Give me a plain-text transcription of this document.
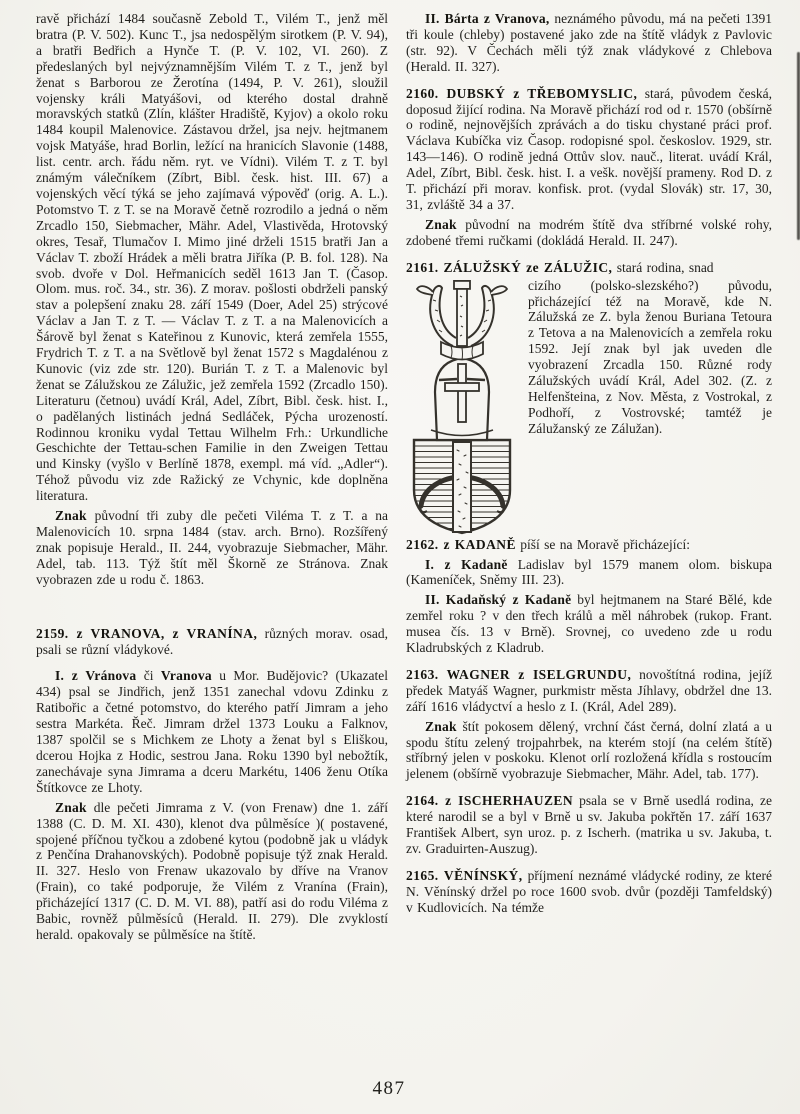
ravě přichází 1484 současně Zebold T., Vilém T., jenž měl bratra (P. V. 502). Kunc T., jsa nedospělým sirotkem (P. V. 94), a bratři Bedřich a Hynče T. (P. V. 102, VI. 260). Z předeslaných byl nejvýznamnějším Vilém T. z T., jenž byl ženat s Barborou ze Žerotína (1494, P. V. 261), sloužil vojensky králi Matyášovi, od kterého dostal drahně moravských statků (Zlín, klášter Hradiště, Kyjov) a okolo roku 1484 koupil Malenovice. Zástavou držel, jsa nejv. hejtmanem vojsk Matyáše, hrad Borlin, ležící na hranicích Slavonie (1488, list. centr. arch. řádu něm. ryt. ve Vídni). Vilém T. z T. byl známým válečníkem (Zíbrt, Bibl. česk. hist. III. 67) a vojenských věcí týká se jeho zajímavá výpověď (orig. A. L.). Potomstvo T. z T. se na Moravě četně rozrodilo a jedná o něm Zrcadlo 150, Siebmacher, Mähr. Adel, Vlastivěda, Hrotovský okres, Tesař, Tlumačov I. Mimo jiné drželi 1515 bratři Jan a Václav T. zboží Hrádek a měli bratra Jiříka (P. B. fol. 128). Na svob. dvoře v Dol. Heřmanicích seděl 1613 Jan T. (Časop. Olom. mus. roč. 34., str. 36). Z morav. pošlosti obdrželi panský stav a polepšení znaku 28. září 1549 (Doer, Adel 25) strýcové Václav a Jan T. z T. — Václav T. z T. a na Malenovicích a Šárově byl ženat s Kateřinou z Kunovic, která zemřela 1555, Frydrich T. z T. a na Světlově byl ženat 1572 s Magdalénou z Kunovic (viz zde str. 120). Burián T. z T. a Malenovic byl ženat se Zálužskou ze Zálužic, jež zemřela 1592 (Zrcadlo 150). Literaturu (četnou) uvádí Král, Adel, Zíbrt, Bibl. česk. hist. I., o padělaných listinách jedná Sedláček, Pýcha urozeností. Rodinnou kroniku vydal Tettau Wilhelm Frh.: Urkundliche Geschichte der Tettau-schen Familie in den Zweigen Tettau und Kinsky (vyšlo v Berlíně 1878, exempl. má víd. „Adler“). Téhož původu viz zde Ražický ze Vchynic, kde doplněna literatura.

Znak původní tři zuby dle pečeti Viléma T. z T. a na Malenovicích 10. srpna 1484 (stav. arch. Brno). Rozšířený znak popisuje Herald., II. 244, vyobrazuje Siebmacher, Mähr. Adel, tab. 113. Týž štít měl Škorně ze Stránova. Znak vyobrazen zde u rodu č. 1863.

2159. z VRANOVA, z VRANÍNA, různých morav. osad, psali se různí vládykové.

I. z Vránova či Vranova u Mor. Budějovic? (Ukazatel 434) psal se Jindřich, jenž 1351 zanechal vdovu Zdinku z Ratibořic a četné potomstvo, do kterého patří Jimram a jeho sestra Markéta. Řeč. Jimram držel 1373 Louku a Falknov, 1387 spolčil se s Michkem ze Lhoty a ženat byl s Eliškou, dcerou Hojka z Hodic, sestrou Jana. Roku 1390 byl nebožtík, zanechávaje syna Jimrama a dceru Markétu, 1406 ženu Otíka Štítkovce ze Lhoty.

Znak dle pečeti Jimrama z V. (von Frenaw) dne 1. září 1388 (C. D. M. XI. 430), klenot dva půlměsíce )( postavené, spojené příčnou tyčkou a zdobené kytou (podobně jak u vládyk z Penčína Drahanovských). Podobně popisuje týž znak Herald. II. 327. Heslo von Frenaw ukazovalo by dříve na Vranov (Frain), co také podporuje, že Vilém z Vranína (Frain), přicházející 1317 (C. D. M. VI. 88), patří asi do rodu Viléma z Babic, rovněž půlměsíců (Herald. II. 279). Dle zvyklostí herald. opakovaly se půlměsíce na štítě.

II. Bárta z Vranova, neznámého původu, má na pečeti 1391 tři koule (chleby) postavené jako zde na štítě vládyk z Pavlovic (str. 92). V Čechách měli týž znak vládykové z Chlebova (Herald. II. 327).

2160. DUBSKÝ z TŘEBOMYSLIC, stará, původem česká, doposud žijící rodina. Na Moravě přichází rod od r. 1570 (obšírně o rodině, nejnovějších zprávách a do tisku chystané práci prof. Václava Kubíčka viz Časop. rodopisné spol. českoslov. 1929, str. 143—146). O rodině jedná Ottův slov. nauč., literat. uvádí Král, Adel, Zíbrt, Bibl. česk. hist. I. a vešk. novější prameny. Rod D. z T. přichází při morav. konfisk. prot. (vydal Slovák) str. 17, 30, 31, zvláště 34 a 37.

Znak původní na modrém štítě dva stříbrné volské rohy, zdobené třemi ručkami (dokládá Herald. II. 247).

2161. ZÁLUŽSKÝ ze ZÁLUŽIC, stará rodina, snad

cizího (polsko-slezského?) původu, přicházející též na Moravě, kde N. Zálužská ze Z. byla ženou Buriana Tetoura z Tetova a na Malenovicích a zemřela roku 1592. Její znak byl jak uveden dle vyobrazení Zrcadla 150. Různé rody Zálužských uvádí Král, Adel 302. (Z. z Helfenšteina, z Nov. Města, z Vostrokal, z Podhoří, z Vostrovské; tamtéž je Zálužanský ze Zálužan).

2162. z KADANĚ píší se na Moravě přicházející:

I. z Kadaně Ladislav byl 1579 manem olom. biskupa (Kameníček, Sněmy III. 23).

II. Kadaňský z Kadaně byl hejtmanem na Staré Bělé, kde zemřel roku ? v den třech králů a měl náhrobek (rukop. Frant. musea čís. 13 v Brně). Srovnej, co uvedeno zde u rodu Kladrubských z Kladrub.

2163. WAGNER z ISELGRUNDU, novoštítná rodina, jejíž předek Matyáš Wagner, purkmistr města Jíhlavy, obdržel dne 13. září 1616 vládyctví a heslo z I. (Král, Adel 289).

Znak štít pokosem dělený, vrchní část černá, dolní zlatá a u spodu štítu zelený trojpahrbek, na kterém stojí (na celém štítě) stříbrný jelen v poskoku. Klenot orlí rozložená křídla s rostoucím jelenem (obšírně vyobrazuje Siebmacher, Mähr. Adel, tab. 177).

2164. z ISCHERHAUZEN psala se v Brně usedlá rodina, ze které narodil se a byl v Brně u sv. Jakuba pokřtěn 17. září 1637 František Albert, syn uroz. p. z Ischerh. (matrika u sv. Jakuba, t. zv. Graduirten-Auszug).

2165. VĚNÍNSKÝ, příjmení neznámé vládycké rodiny, ze které N. Věnínský držel po roce 1600 svob. dvůr (později Tamfeldský) v Kudlovicích. Na témže

487
